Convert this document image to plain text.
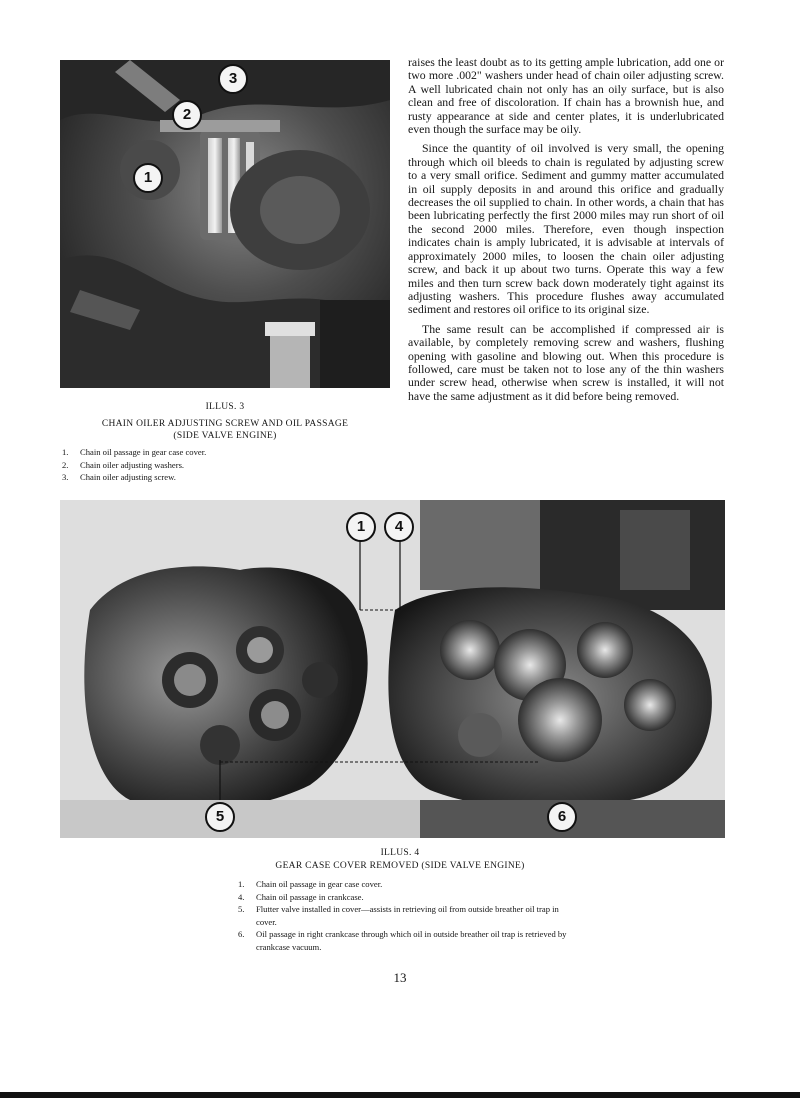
3
2
1
ILLUS. 3
CHAIN OILER ADJUSTING SCREW AND OIL PASSAGE
(SIDE VALVE ENGINE)
1. Chain oil passage in gear case cover.
2. Chain oiler adjusting washers.
3. Chain oiler adjusting screw.

raises the least doubt as to its getting ample lubrication, add one or two more .002" washers under head of chain oiler adjusting screw. A well lubricated chain not only has an oily surface, but is also clean and free of discoloration. If chain has a brownish hue, and rusty appearance at side and center plates, it is underlubricated even though the surface may be oily.

Since the quantity of oil involved is very small, the opening through which oil bleeds to chain is regulated by adjusting screw to a very small orifice. Sediment and gummy matter accumulated in oil supply deposits in and around this orifice and gradually decreases the oil supplied to chain. In other words, a chain that has been lubricating perfectly the first 2000 miles may run short of oil the second 2000 miles. Therefore, even though inspection indicates chain is amply lubricated, it is advisable at intervals of approximately 2000 miles, to loosen the chain oiler adjusting screw, and back it up about two turns. Operate this way a few miles and then turn screw back down moderately tight against its adjusting washers. This procedure flushes away accumulated sediment and restores oil orifice to its original size.

The same result can be accomplished if compressed air is available, by completely removing screw and washers, flushing opening with gasoline and blowing out. When this procedure is followed, care must be taken not to lose any of the thin washers under screw head, otherwise when screw is installed, it will not have the same adjustment as it did before being removed.

1	4
5	6
ILLUS. 4
GEAR CASE COVER REMOVED (SIDE VALVE ENGINE)
1. Chain oil passage in gear case cover.
4. Chain oil passage in crankcase.
5. Flutter valve installed in cover—assists in retrieving oil from outside breather oil trap in cover.
6. Oil passage in right crankcase through which oil in outside breather oil trap is retrieved by crankcase vacuum.
13
